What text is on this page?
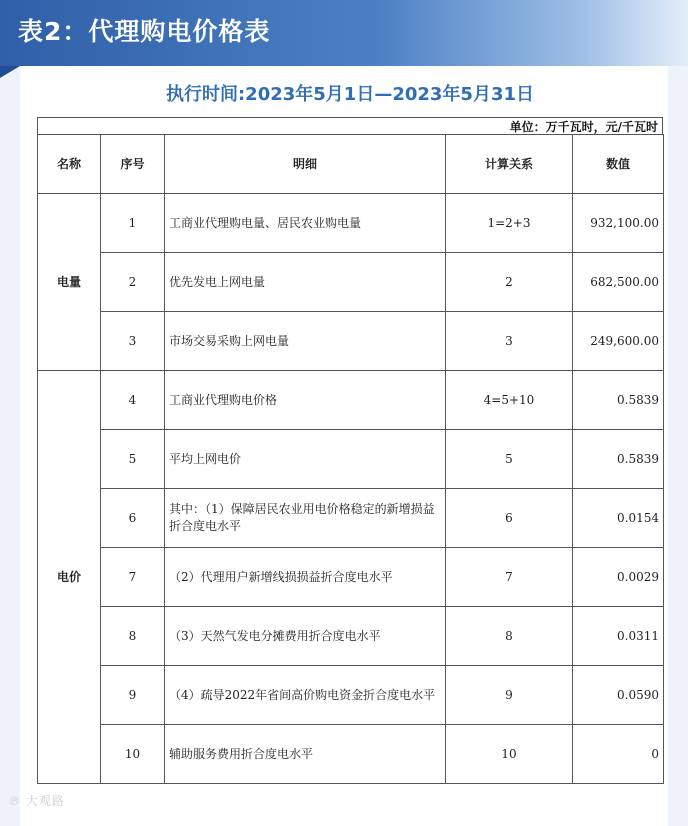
表2：代理购电价格表
执行时间:2023年5月1日—2023年5月31日
单位：万千瓦时，元/千瓦时
名称	序号	明细	计算关系	数值
电量	1	工商业代理购电量、居民农业购电量	1=2+3	932,100.00
	2	优先发电上网电量	2	682,500.00
	3	市场交易采购上网电量	3	249,600.00
电价	4	工商业代理购电价格	4=5+10	0.5839
	5	平均上网电价	5	0.5839
	6	其中：（1）保障居民农业用电价格稳定的新增损益折合度电水平	6	0.0154
	7	（2）代理用户新增线损损益折合度电水平	7	0.0029
	8	（3）天然气发电分摊费用折合度电水平	8	0.0311
	9	（4）疏导2022年省间高价购电资金折合度电水平	9	0.0590
	10	辅助服务费用折合度电水平	10	0
℗ 大观路
